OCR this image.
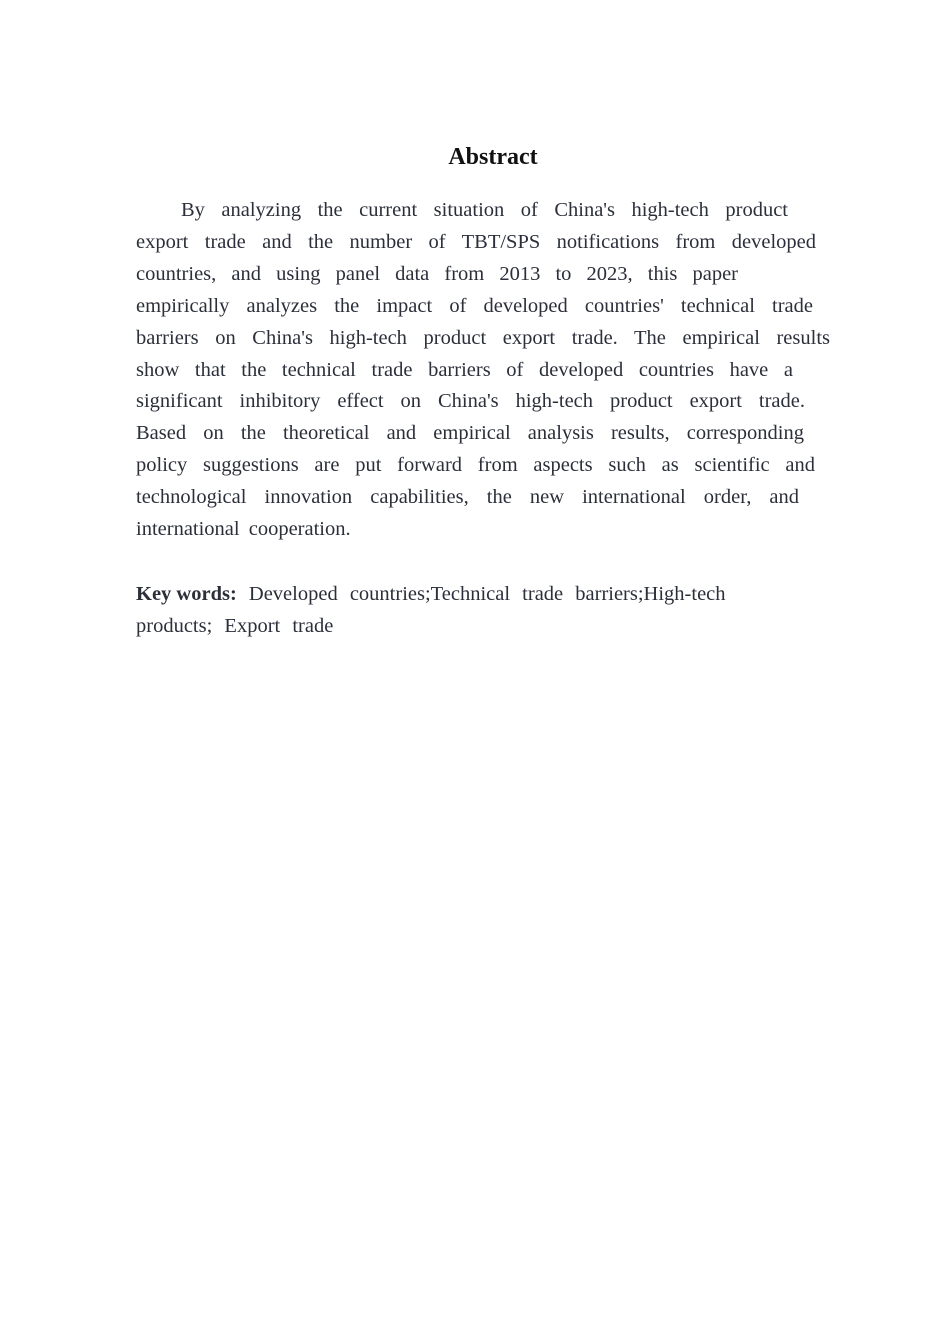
Abstract
By analyzing the current situation of China's high-tech product
export trade and the number of TBT/SPS notifications from developed
countries, and using panel data from 2013 to 2023, this paper
empirically analyzes the impact of developed countries' technical trade
barriers on China's high-tech product export trade. The empirical results
show that the technical trade barriers of developed countries have a
significant inhibitory effect on China's high-tech product export trade.
Based on the theoretical and empirical analysis results, corresponding
policy suggestions are put forward from aspects such as scientific and
technological innovation capabilities, the new international order, and
international cooperation.
Key words: Developed countries;Technical trade barriers;High-tech
products; Export trade
